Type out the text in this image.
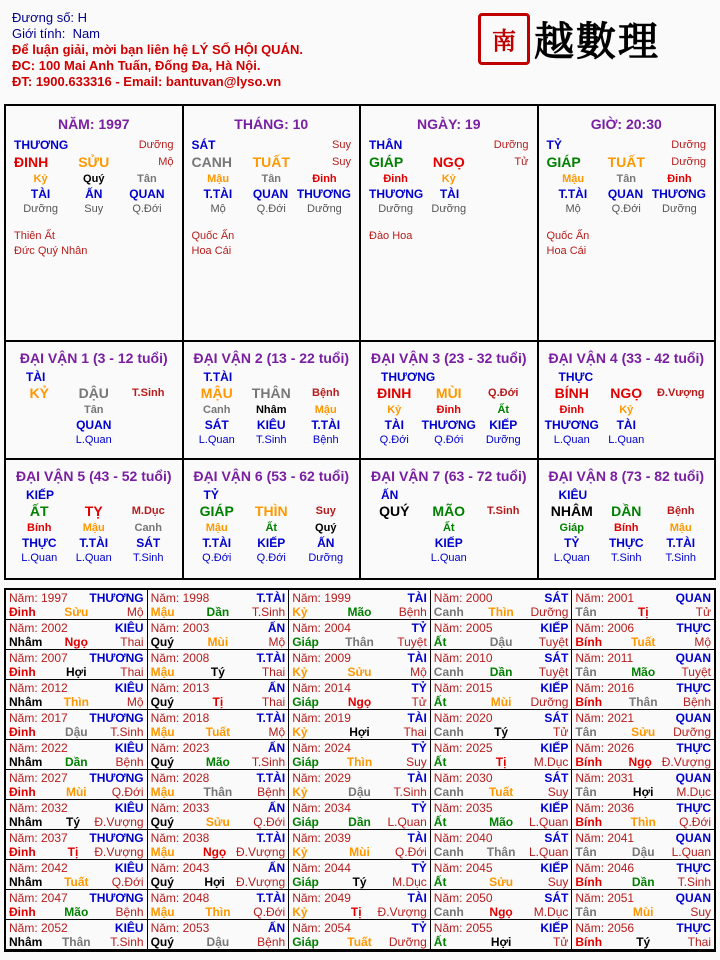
Đương số: H
Giới tính: Nam
Để luận giải, mời bạn liên hệ LÝ SỐ HỘI QUÁN.
ĐC: 100 Mai Anh Tuấn, Đống Đa, Hà Nội.
ĐT: 1900.633316 - Email: bantuvan@lyso.vn
南 越數理
NĂM: 1997
THƯƠNG	Dưỡng
ĐINH	SỬU	Mộ
Kỷ	Quý	Tân
TÀI	ẤN	QUAN
Dưỡng	Suy	Q.Đới
Thiên Ất
Đức Quý Nhân
THÁNG: 10
SÁT	Suy
CANH	TUẤT	Suy
Mậu	Tân	Đinh
T.TÀI	QUAN THƯƠNG
Mộ	Q.Đới	Dưỡng
Quốc Ấn
Hoa Cái
NGÀY: 19
THÂN	Dưỡng
GIÁP	NGỌ	Tử
Đinh	Kỷ
THƯƠNG	TÀI
Dưỡng	Dưỡng
Đào Hoa
GIỜ: 20:30
TỶ	Dưỡng
GIÁP	TUẤT	Dưỡng
Mậu	Tân	Đinh
T.TÀI	QUAN THƯƠNG
Mộ	Q.Đới	Dưỡng
Quốc Ấn
Hoa Cái
ĐẠI VẬN 1 (3 - 12 tuổi)
TÀI
KỶ	DẬU	T.Sinh
Tân
QUAN
L.Quan
ĐẠI VẬN 2 (13 - 22 tuổi)
T.TÀI
MẬU	THÂN	Bệnh
Canh	Nhâm	Mậu
SÁT	KIÊU	T.TÀI
L.Quan	T.Sinh	Bệnh
ĐẠI VẬN 3 (23 - 32 tuổi)
THƯƠNG
ĐINH	MÙI	Q.Đới
Kỷ	Đinh	Ất
TÀI	THƯƠNG	KIẾP
Q.Đới	Q.Đới	Dưỡng
ĐẠI VẬN 4 (33 - 42 tuổi)
THỰC
BÍNH	NGỌ	Đ.Vượng
Đinh	Kỷ
THƯƠNG	TÀI
L.Quan	L.Quan
ĐẠI VẬN 5 (43 - 52 tuổi)
KIẾP
ẤT	TỴ	M.Dục
Bính	Mậu	Canh
THỰC	T.TÀI	SÁT
L.Quan	L.Quan	T.Sinh
ĐẠI VẬN 6 (53 - 62 tuổi)
TỶ
GIÁP	THÌN	Suy
Mậu	Ất	Quý
T.TÀI	KIẾP	ẤN
Q.Đới	Q.Đới	Dưỡng
ĐẠI VẬN 7 (63 - 72 tuổi)
ẤN
QUÝ	MÃO	T.Sinh
Ất
KIẾP
L.Quan
ĐẠI VẬN 8 (73 - 82 tuổi)
KIÊU
NHÂM	DẦN	Bệnh
Giáp	Bính	Mậu
TỶ	THỰC	T.TÀI
L.Quan	T.Sinh	T.Sinh
Năm: 1997 THƯƠNG
Đinh	Sửu	Mộ
Năm: 1998	T.TÀI
Mậu	Dần	T.Sinh
Năm: 1999	TÀI
Kỷ	Mão	Bệnh
Năm: 2000	SÁT
Canh	Thìn	Dưỡng
Năm: 2001	QUAN
Tân	Tị	Tử
Năm: 2002	KIÊU
Nhâm	Ngọ	Thai
Năm: 2003	ẤN
Quý	Mùi	Mộ
Năm: 2004	TỶ
Giáp	Thân	Tuyệt
Năm: 2005	KIẾP
Ất	Dậu	Tuyệt
Năm: 2006	THỰC
Bính	Tuất	Mộ
Năm: 2007 THƯƠNG
Đinh	Hợi	Thai
Năm: 2008	T.TÀI
Mậu	Tý	Thai
Năm: 2009	TÀI
Kỷ	Sửu	Mộ
Năm: 2010	SÁT
Canh	Dần	Tuyệt
Năm: 2011	QUAN
Tân	Mão	Tuyệt
Năm: 2012	KIÊU
Nhâm	Thìn	Mộ
Năm: 2013	ẤN
Quý	Tị	Thai
Năm: 2014	TỶ
Giáp	Ngọ	Tử
Năm: 2015	KIẾP
Ất	Mùi	Dưỡng
Năm: 2016	THỰC
Bính	Thân	Bệnh
Năm: 2017 THƯƠNG
Đinh	Dậu	T.Sinh
Năm: 2018	T.TÀI
Mậu	Tuất	Mộ
Năm: 2019	TÀI
Kỷ	Hợi	Thai
Năm: 2020	SÁT
Canh	Tý	Tử
Năm: 2021	QUAN
Tân	Sửu	Dưỡng
Năm: 2022	KIÊU
Nhâm	Dần	Bệnh
Năm: 2023	ẤN
Quý	Mão	T.Sinh
Năm: 2024	TỶ
Giáp	Thìn	Suy
Năm: 2025	KIẾP
Ất	Tị	M.Dục
Năm: 2026	THỰC
Bính	Ngọ Đ.Vượng
Năm: 2027 THƯƠNG
Đinh	Mùi	Q.Đới
Năm: 2028	T.TÀI
Mậu	Thân	Bệnh
Năm: 2029	TÀI
Kỷ	Dậu	T.Sinh
Năm: 2030	SÁT
Canh	Tuất	Suy
Năm: 2031	QUAN
Tân	Hợi	M.Dục
Năm: 2032	KIÊU
Nhâm	Tý	Đ.Vượng
Năm: 2033	ẤN
Quý	Sửu	Q.Đới
Năm: 2034	TỶ
Giáp	Dần	L.Quan
Năm: 2035	KIẾP
Ất	Mão	L.Quan
Năm: 2036	THỰC
Bính	Thìn	Q.Đới
Năm: 2037 THƯƠNG
Đinh	Tị	Đ.Vượng
Năm: 2038	T.TÀI
Mậu	Ngọ Đ.Vượng
Năm: 2039	TÀI
Kỷ	Mùi	Q.Đới
Năm: 2040	SÁT
Canh	Thân	L.Quan
Năm: 2041	QUAN
Tân	Dậu	L.Quan
Năm: 2042	KIÊU
Nhâm	Tuất	Q.Đới
Năm: 2043	ẤN
Quý	Hợi Đ.Vượng
Năm: 2044	TỶ
Giáp	Tý	M.Dục
Năm: 2045	KIẾP
Ất	Sửu	Suy
Năm: 2046	THỰC
Bính	Dần	T.Sinh
Năm: 2047 THƯƠNG
Đinh	Mão	Bệnh
Năm: 2048	T.TÀI
Mậu	Thìn	Q.Đới
Năm: 2049	TÀI
Kỷ	Tị	Đ.Vượng
Năm: 2050	SÁT
Canh	Ngọ	M.Dục
Năm: 2051	QUAN
Tân	Mùi	Suy
Năm: 2052	KIÊU
Nhâm	Thân	T.Sinh
Năm: 2053	ẤN
Quý	Dậu	Bệnh
Năm: 2054	TỶ
Giáp	Tuất	Dưỡng
Năm: 2055	KIẾP
Ất	Hợi	Tử
Năm: 2056	THỰC
Bính	Tý	Thai
